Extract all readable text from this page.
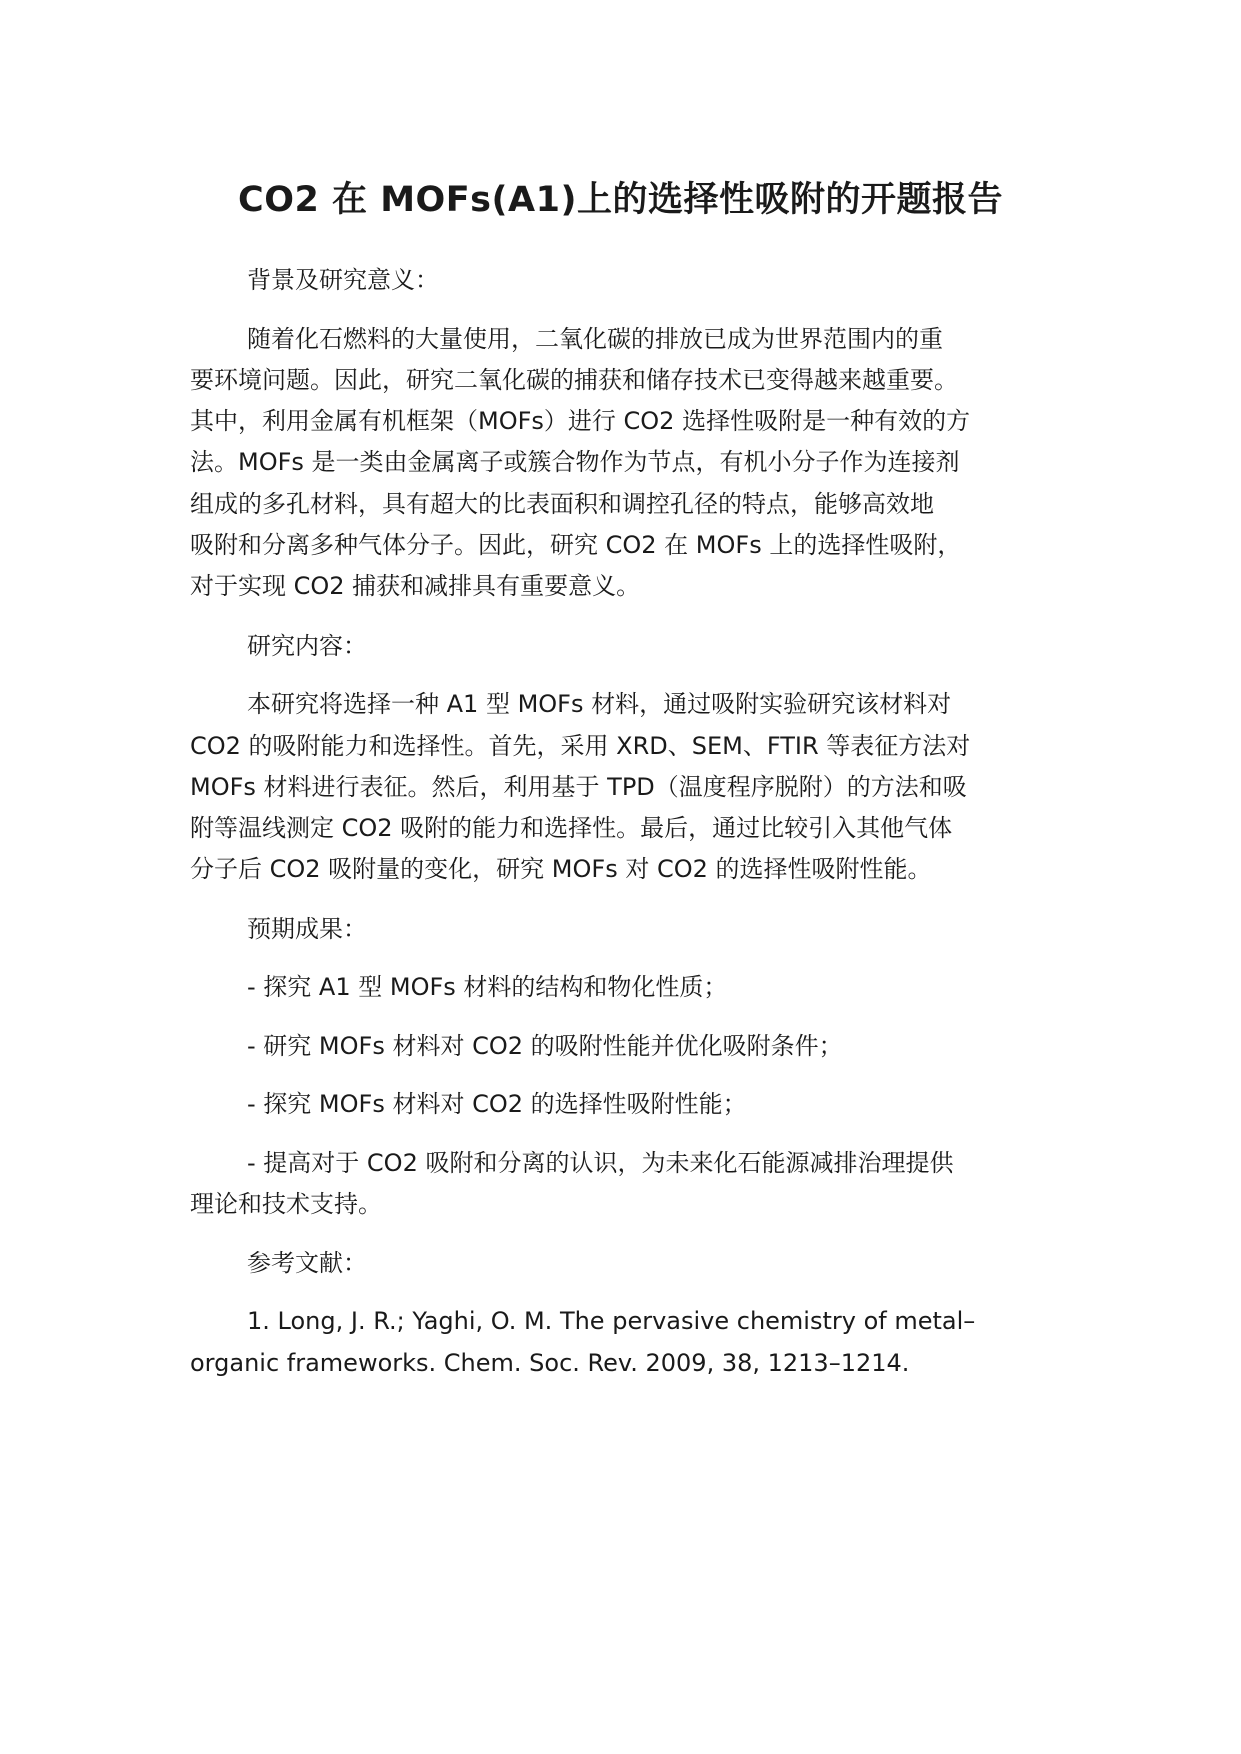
CO2 在 MOFs(A1)上的选择性吸附的开题报告
背景及研究意义：
随着化石燃料的大量使用，二氧化碳的排放已成为世界范围内的重
要环境问题。因此，研究二氧化碳的捕获和储存技术已变得越来越重要。
其中，利用金属有机框架（MOFs）进行 CO2 选择性吸附是一种有效的方
法。MOFs 是一类由金属离子或簇合物作为节点，有机小分子作为连接剂
组成的多孔材料，具有超大的比表面积和调控孔径的特点，能够高效地
吸附和分离多种气体分子。因此，研究 CO2 在 MOFs 上的选择性吸附，
对于实现 CO2 捕获和减排具有重要意义。
研究内容：
本研究将选择一种 A1 型 MOFs 材料，通过吸附实验研究该材料对
CO2 的吸附能力和选择性。首先，采用 XRD、SEM、FTIR 等表征方法对
MOFs 材料进行表征。然后，利用基于 TPD（温度程序脱附）的方法和吸
附等温线测定 CO2 吸附的能力和选择性。最后，通过比较引入其他气体
分子后 CO2 吸附量的变化，研究 MOFs 对 CO2 的选择性吸附性能。
预期成果：
- 探究 A1 型 MOFs 材料的结构和物化性质；
- 研究 MOFs 材料对 CO2 的吸附性能并优化吸附条件；
- 探究 MOFs 材料对 CO2 的选择性吸附性能；
- 提高对于 CO2 吸附和分离的认识，为未来化石能源减排治理提供
理论和技术支持。
参考文献：
1. Long, J. R.; Yaghi, O. M. The pervasive chemistry of metal–
organic frameworks. Chem. Soc. Rev. 2009, 38, 1213–1214.
